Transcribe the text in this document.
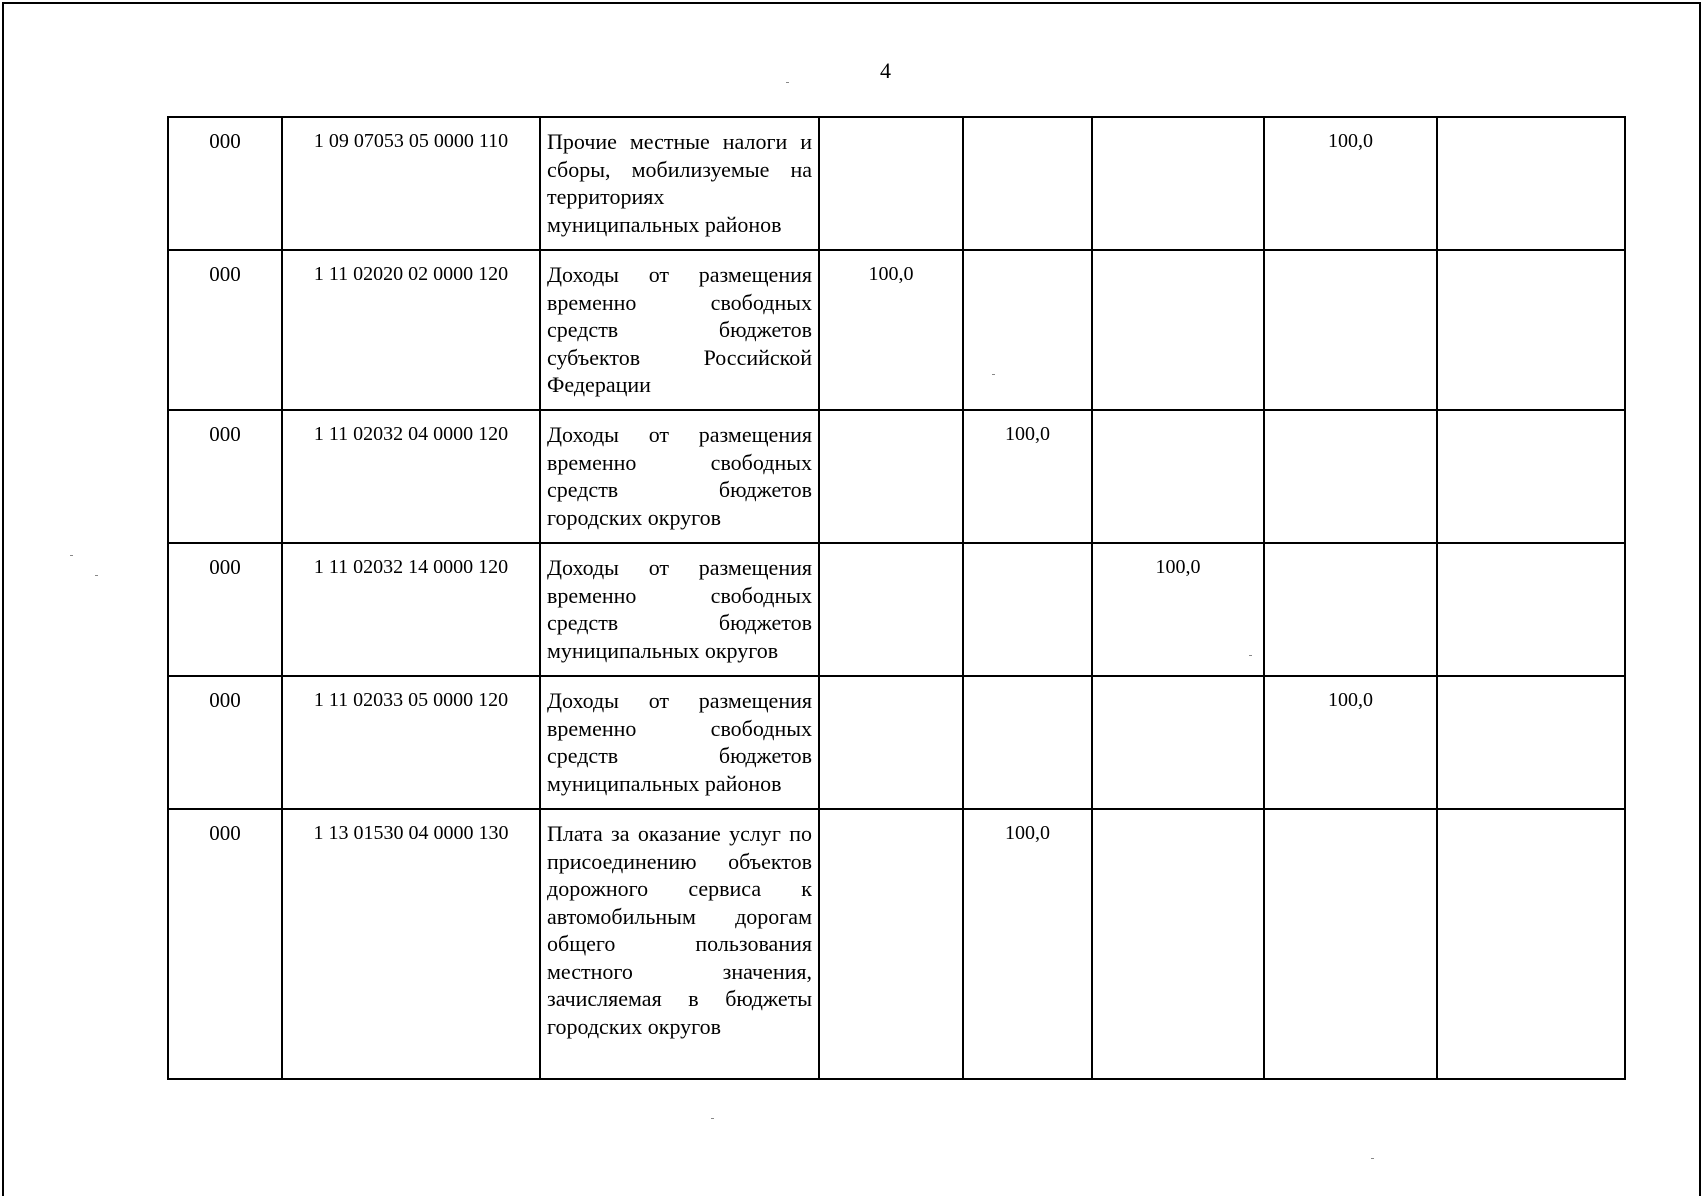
4
000	1 09 07053 05 0000 110	Прочие местные налоги и сборы, мобилизуемые на территориях муниципальных районов				100,0	
000	1 11 02020 02 0000 120	Доходы от размещения временно свободных средств бюджетов субъектов Российской Федерации	100,0				
000	1 11 02032 04 0000 120	Доходы от размещения временно свободных средств бюджетов городских округов		100,0			
000	1 11 02032 14 0000 120	Доходы от размещения временно свободных средств бюджетов муниципальных округов			100,0		
000	1 11 02033 05 0000 120	Доходы от размещения временно свободных средств бюджетов муниципальных районов				100,0	
000	1 13 01530 04 0000 130	Плата за оказание услуг по присоединению объектов дорожного сервиса к автомобильным дорогам общего пользования местного значения, зачисляемая в бюджеты городских округов		100,0			
